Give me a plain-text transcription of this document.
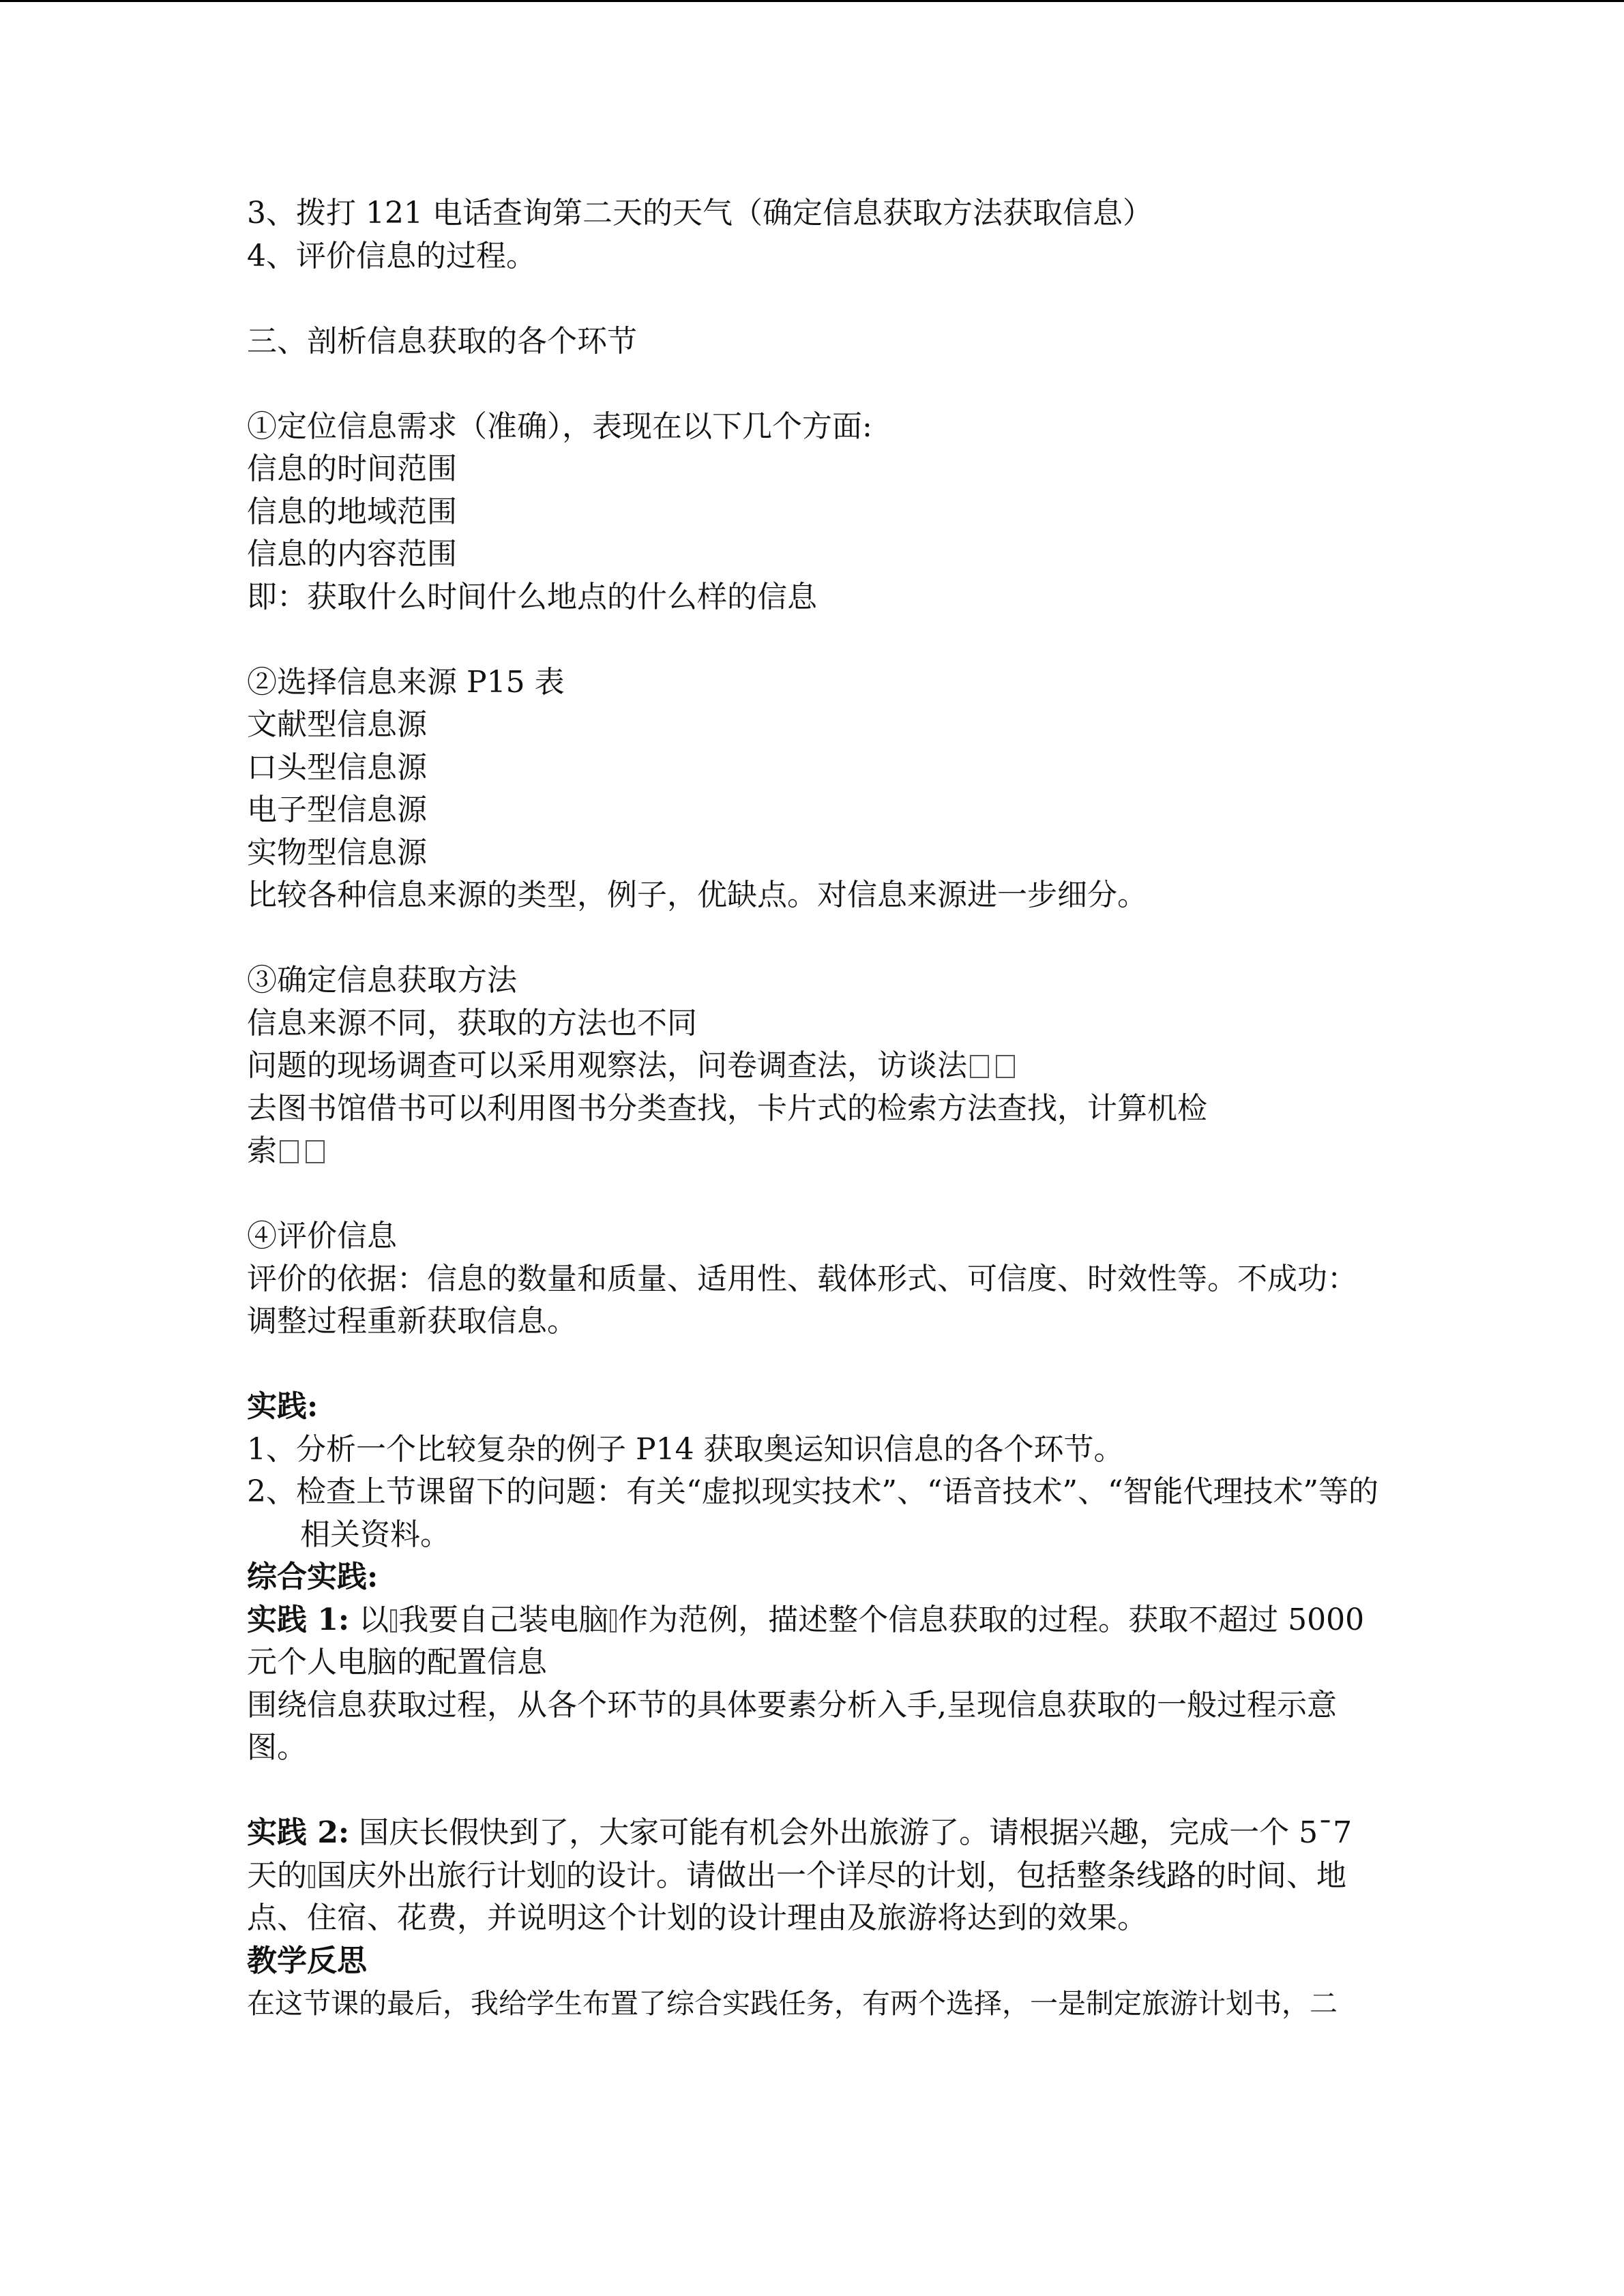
3、拨打 121 电话查询第二天的天气（确定信息获取方法获取信息）
4、评价信息的过程。
三、剖析信息获取的各个环节
①定位信息需求（准确），表现在以下几个方面:
信息的时间范围
信息的地域范围
信息的内容范围
即：获取什么时间什么地点的什么样的信息
②选择信息来源 P15 表
文献型信息源
口头型信息源
电子型信息源
实物型信息源
比较各种信息来源的类型，例子，优缺点。对信息来源进一步细分。
③确定信息获取方法
信息来源不同，获取的方法也不同
问题的现场调查可以采用观察法，问卷调查法，访谈法
去图书馆借书可以利用图书分类查找，卡片式的检索方法查找，计算机检
索
④评价信息
评价的依据：信息的数量和质量、适用性、载体形式、可信度、时效性等。不成功：调整过程重新获取信息。
实践:
1、分析一个比较复杂的例子 P14 获取奥运知识信息的各个环节。
2、检查上节课留下的问题：有关“虚拟现实技术”、“语音技术”、“智能代理技术”等的相关资料。
综合实践:
实践 1: 以 我要自己装电脑 作为范例，描述整个信息获取的过程。获取不超过 5000 元个人电脑的配置信息
围绕信息获取过程，从各个环节的具体要素分析入手,呈现信息获取的一般过程示意图。
实践 2: 国庆长假快到了，大家可能有机会外出旅游了。请根据兴趣，完成一个 5¯7 天的 国庆外出旅行计划 的设计。请做出一个详尽的计划，包括整条线路的时间、地点、住宿、花费，并说明这个计划的设计理由及旅游将达到的效果。
教学反思
在这节课的最后，我给学生布置了综合实践任务，有两个选择，一是制定旅游计划书，二
